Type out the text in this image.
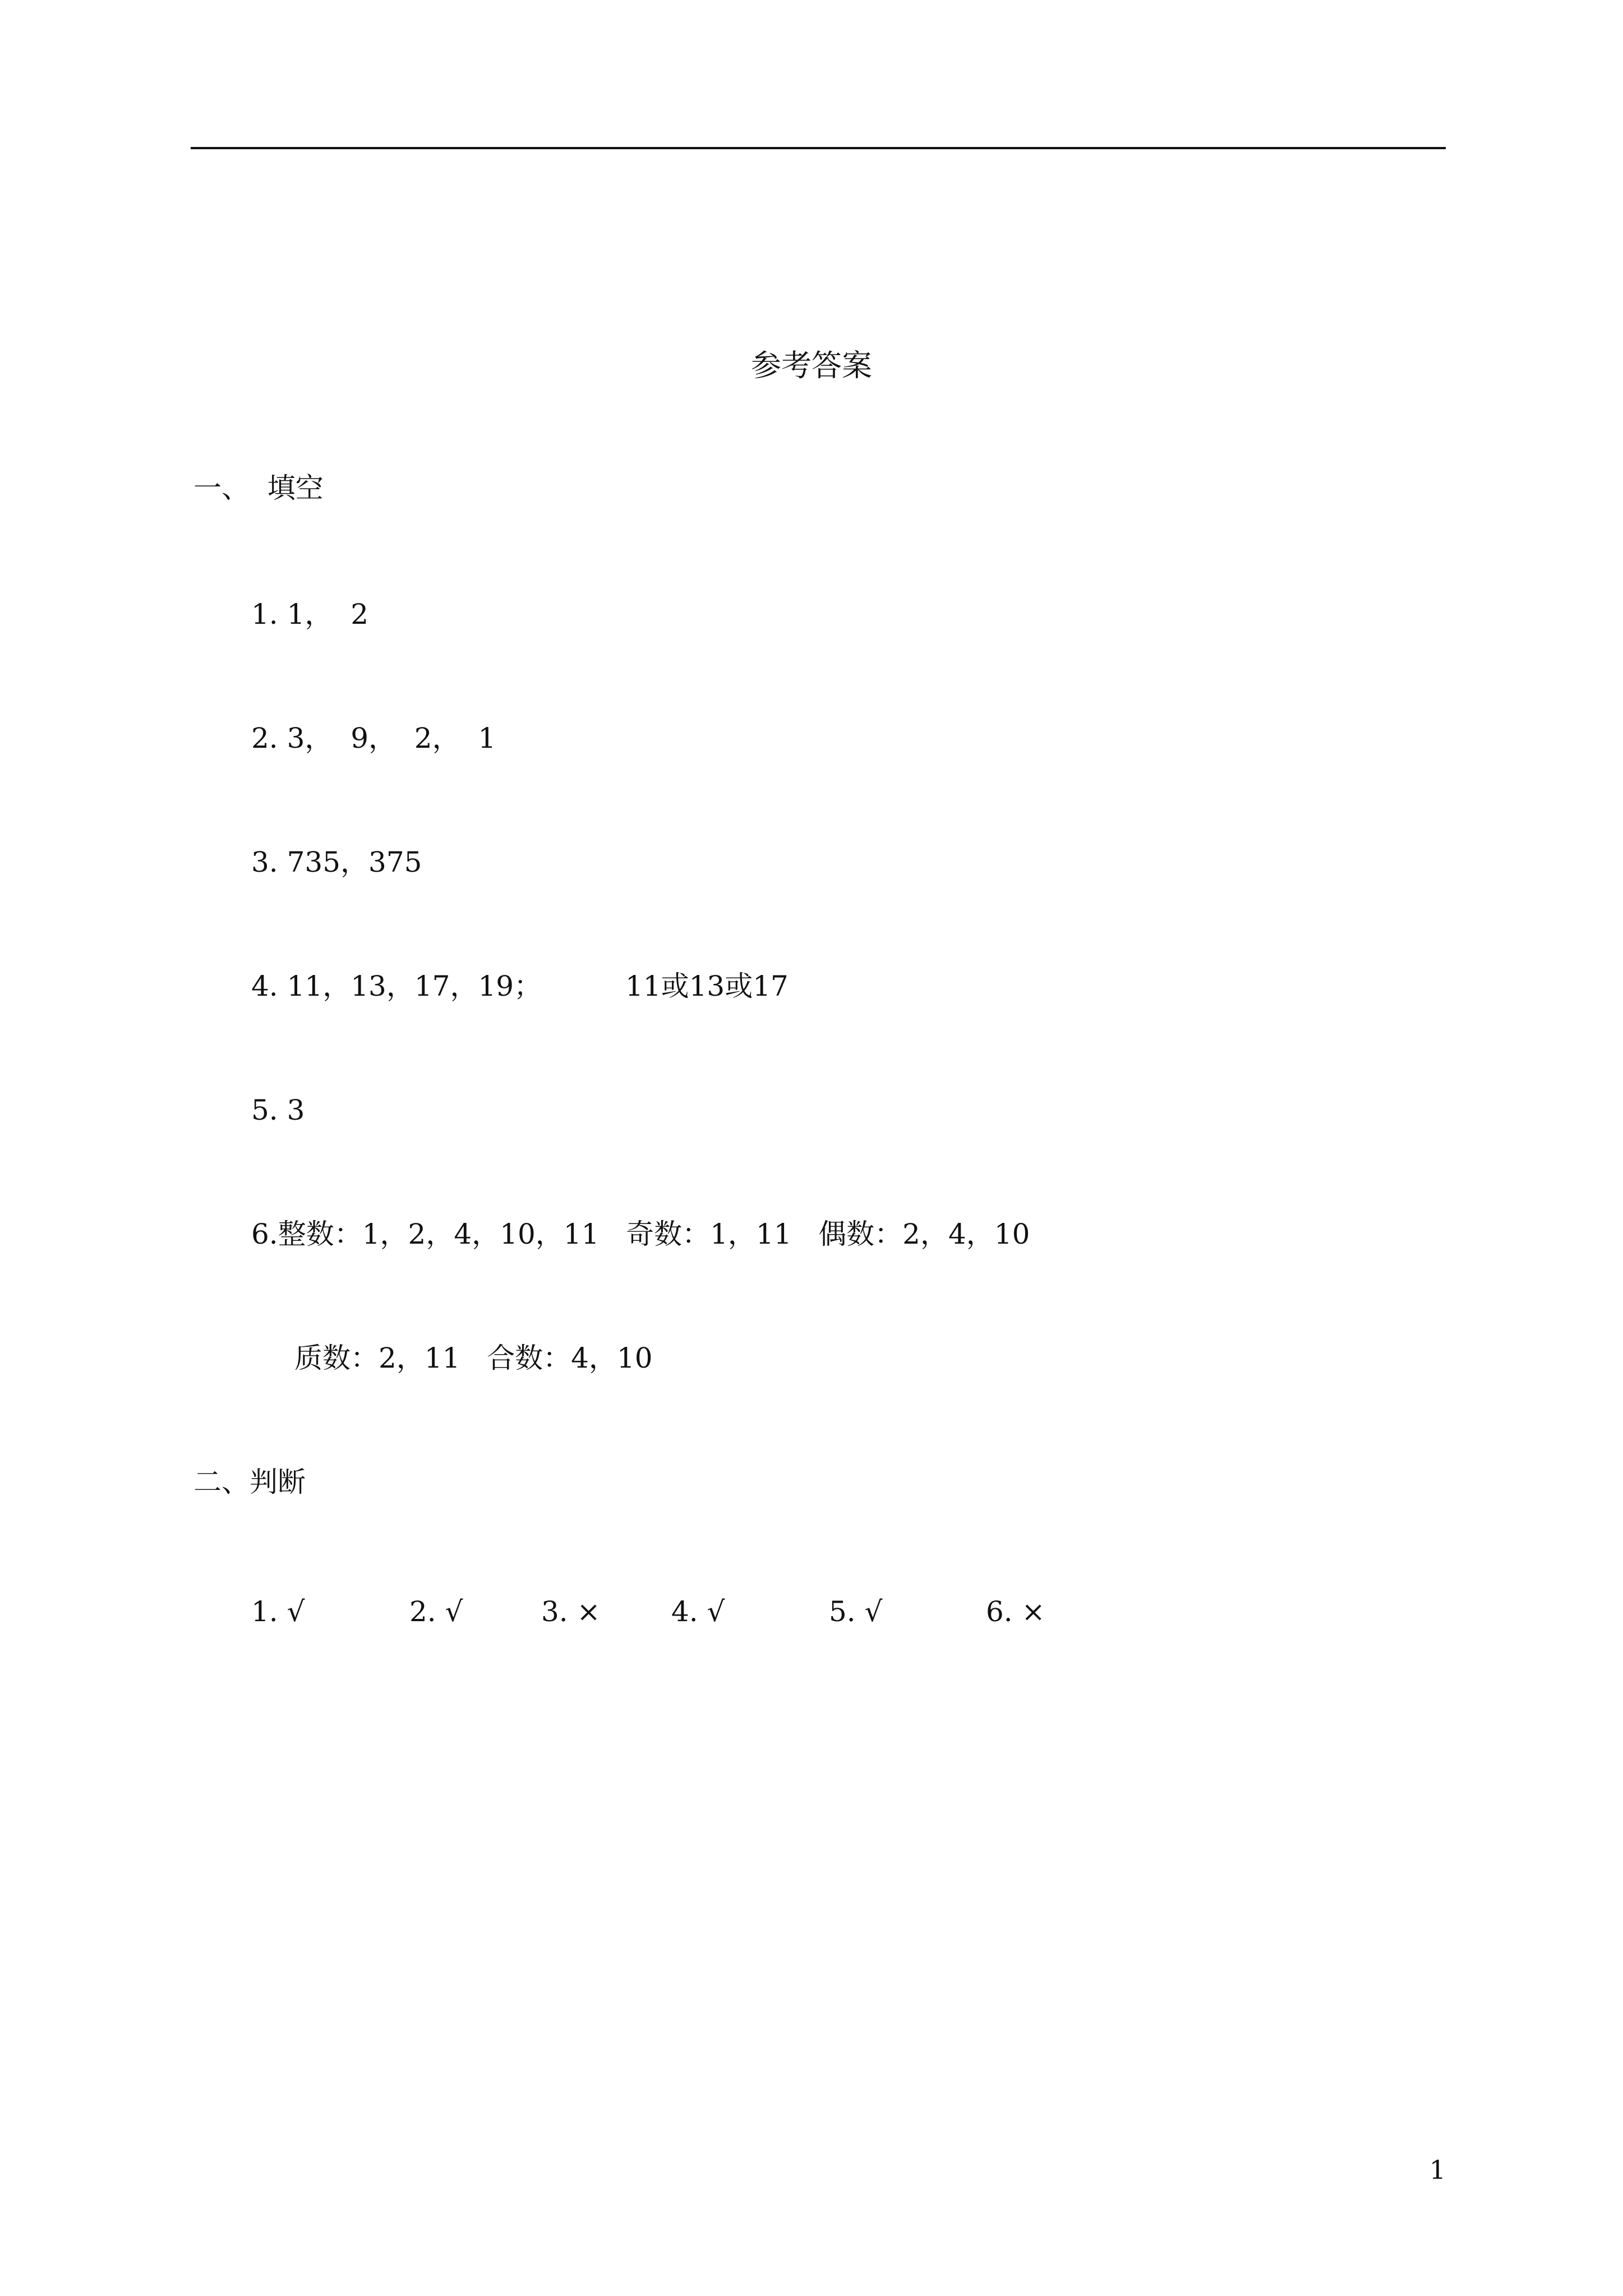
参考答案
一、  填空
1. 1，  2
2. 3，  9，  2，  1
3. 735，375
4. 11，13，17，19；	11或13或17
5. 3
6.整数：1，2，4，10，11   奇数：1，11   偶数：2，4，10
质数：2，11   合数：4，10
二、判断
1. √	2. √	3. ×	4. √	5. √	6. ×
1
